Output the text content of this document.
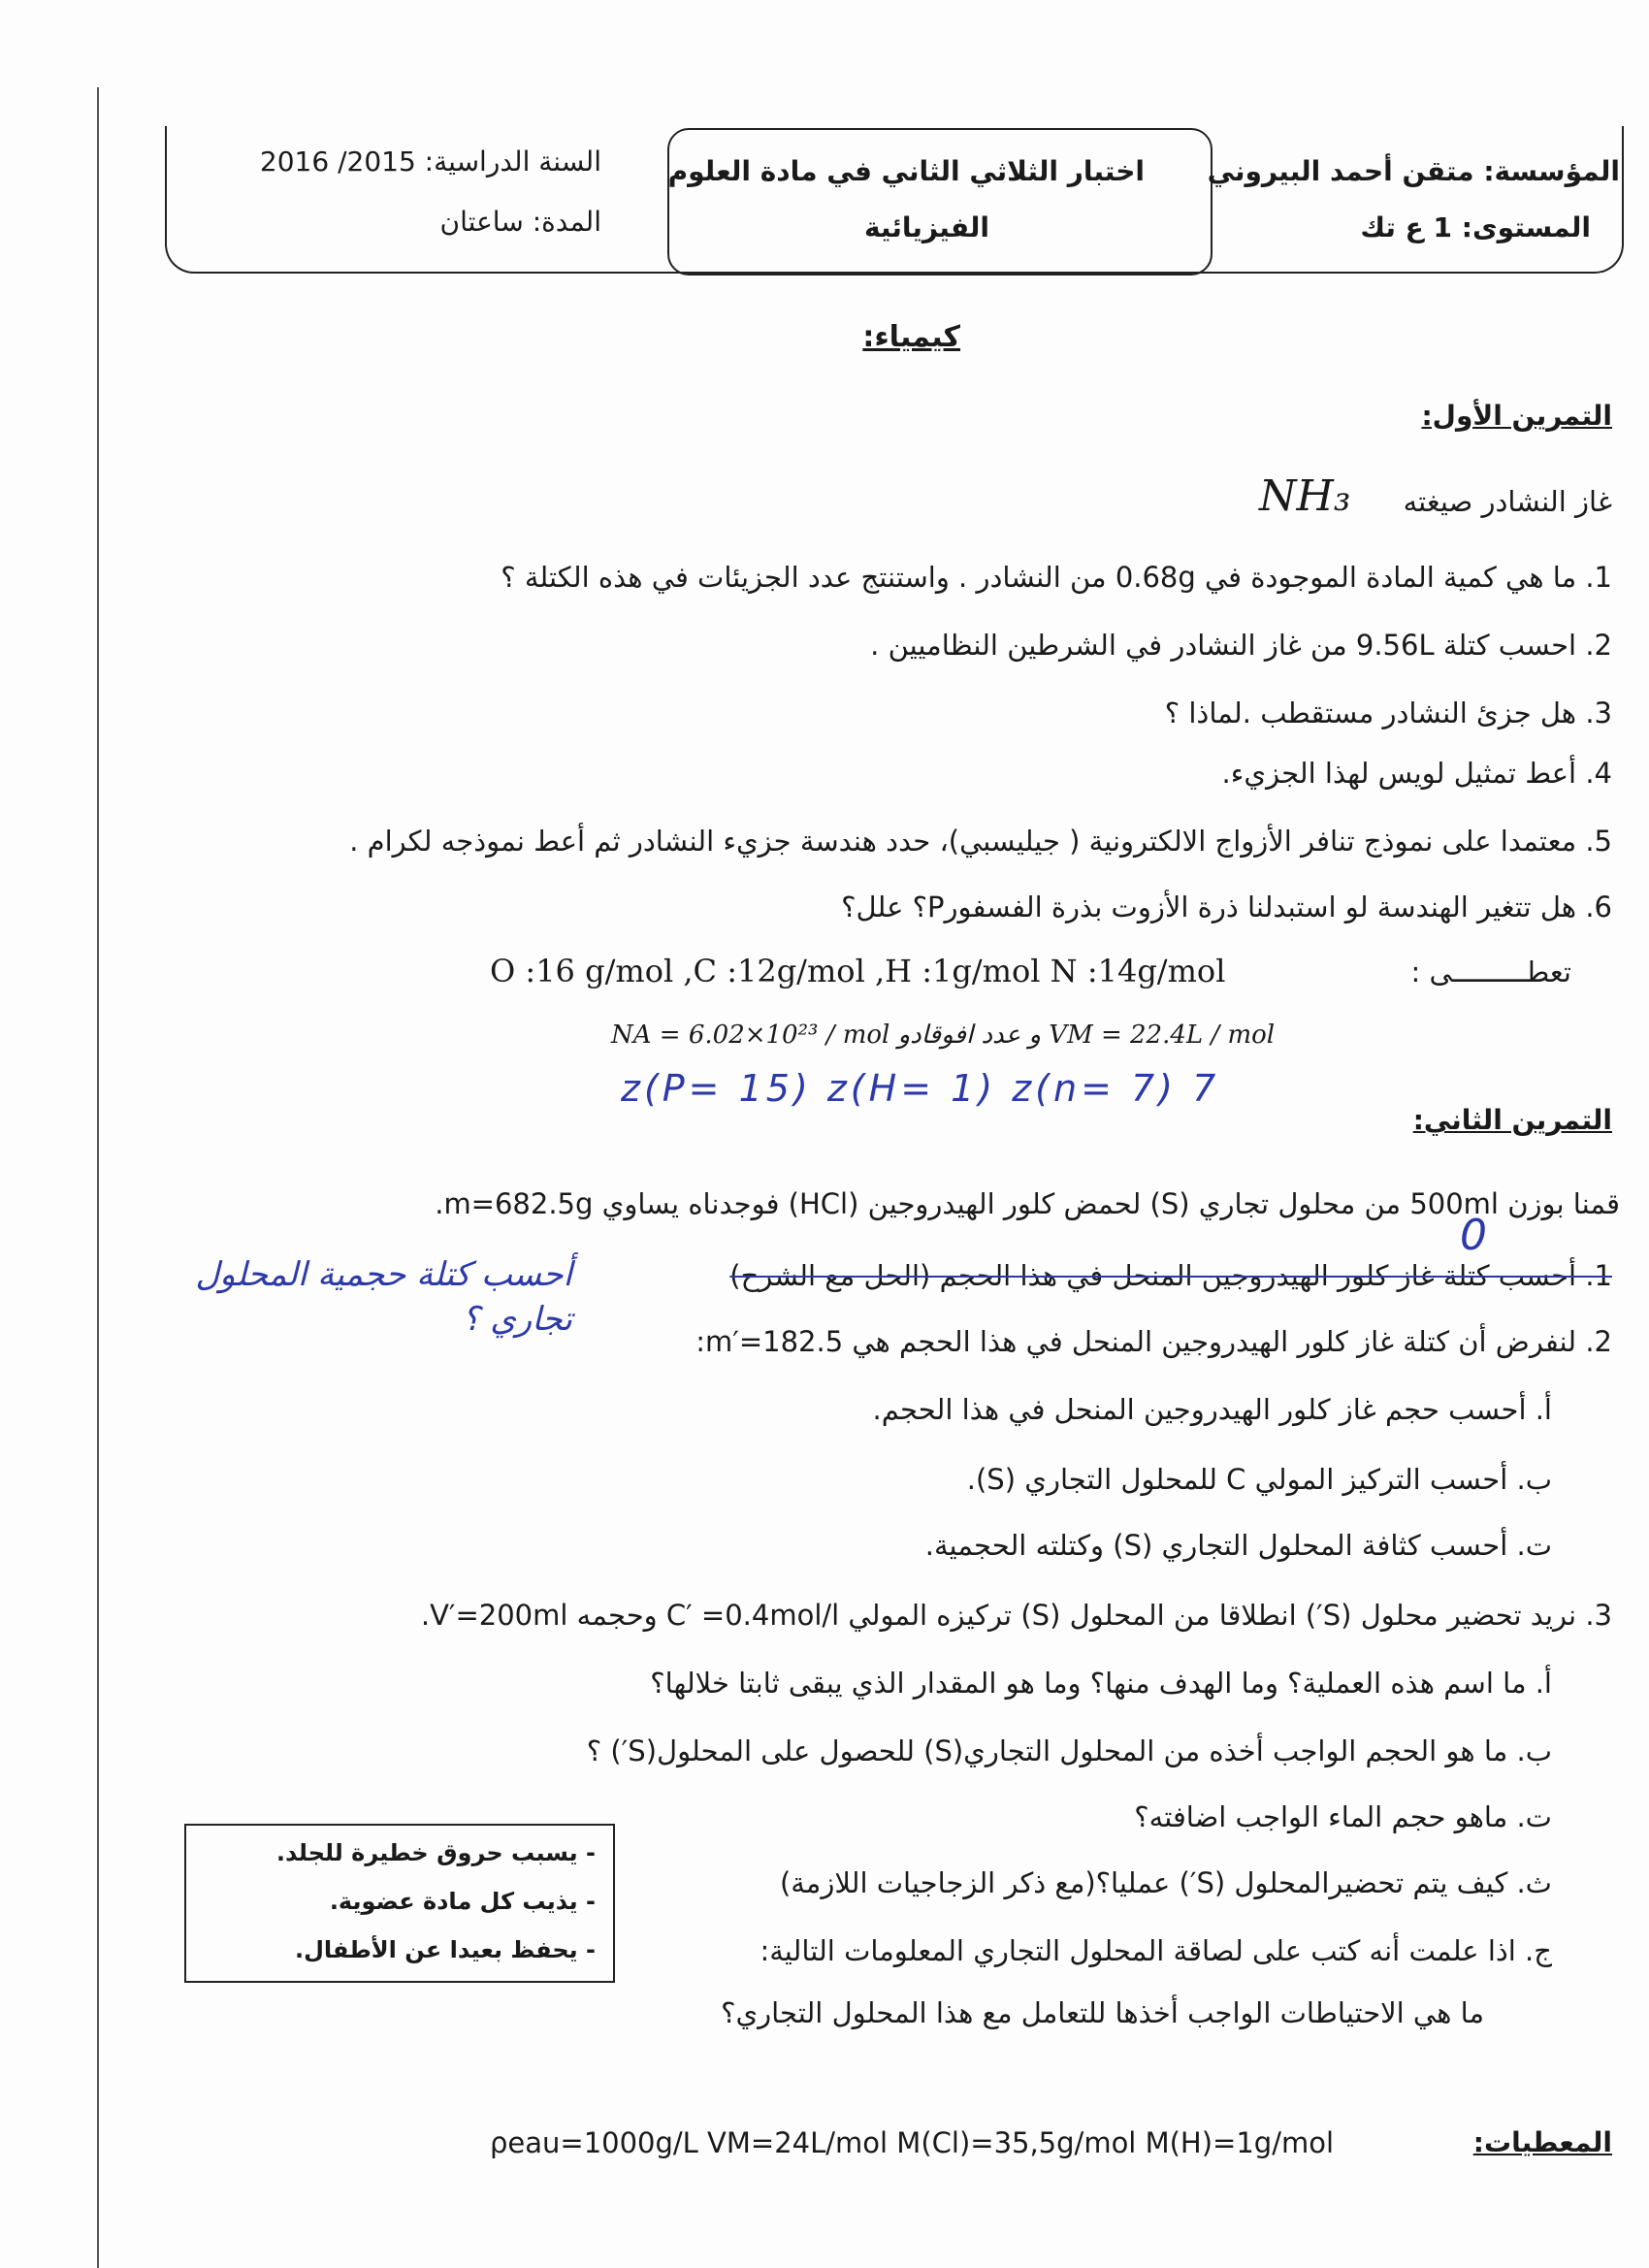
المؤسسة: متقن أحمد البيروني
المستوى: 1 ع تك
اختبار الثلاثي الثاني في مادة العلوم
الفيزيائية
السنة الدراسية: 2015/ 2016
المدة: ساعتان
كيمياء:
التمرين الأول:
غاز النشادر صيغته
NH₃
1. ما هي كمية المادة الموجودة في 0.68g من النشادر . واستنتج عدد الجزيئات في هذه الكتلة ؟
2. احسب كتلة 9.56L من غاز النشادر في الشرطين النظاميين .
3. هل جزئ النشادر مستقطب .لماذا ؟
4. أعط تمثيل لويس لهذا الجزيء.
5. معتمدا على نموذج تنافر الأزواج الالكترونية ( جيليسبي)، حدد هندسة جزيء النشادر ثم أعط نموذجه لكرام .
6. هل تتغير الهندسة لو استبدلنا ذرة الأزوت بذرة الفسفورP؟ علل؟
تعطـــــــــى :
O :16 g/mol ,C :12g/mol ,H :1g/mol N :14g/mol
NA = 6.02×10²³ / mol و عدد افوقادو VM = 22.4L / mol
z(P= 15) z(H= 1) z(n= 7) 7
التمرين الثاني:
قمنا بوزن 500ml من محلول تجاري (S) لحمض كلور الهيدروجين (HCl) فوجدناه يساوي m=682.5g.
0
1. أحسب كتلة غاز كلور الهيدروجين المنحل في هذا الحجم (الحل مع الشرح)
أحسب كتلة حجمية المحلول تجاري ؟
2. لنفرض أن كتلة غاز كلور الهيدروجين المنحل في هذا الحجم هي m′=182.5:
أ. أحسب حجم غاز كلور الهيدروجين المنحل في هذا الحجم.
ب. أحسب التركيز المولي C للمحلول التجاري (S).
ت. أحسب كثافة المحلول التجاري (S) وكتلته الحجمية.
3. نريد تحضير محلول (S′) انطلاقا من المحلول (S) تركيزه المولي C′ =0.4mol/l وحجمه V′=200ml.
أ. ما اسم هذه العملية؟ وما الهدف منها؟ وما هو المقدار الذي يبقى ثابتا خلالها؟
ب. ما هو الحجم الواجب أخذه من المحلول التجاري(S) للحصول على المحلول(S′) ؟
ت. ماهو حجم الماء الواجب اضافته؟
ث. كيف يتم تحضيرالمحلول (S′) عمليا؟(مع ذكر الزجاجيات اللازمة)
ج. اذا علمت أنه كتب على لصاقة المحلول التجاري المعلومات التالية:
ما هي الاحتياطات الواجب أخذها للتعامل مع هذا المحلول التجاري؟
- يسبب حروق خطيرة للجلد.
- يذيب كل مادة عضوية.
- يحفظ بعيدا عن الأطفال.
المعطيات:
ρeau=1000g/L VM=24L/mol M(Cl)=35,5g/mol M(H)=1g/mol
